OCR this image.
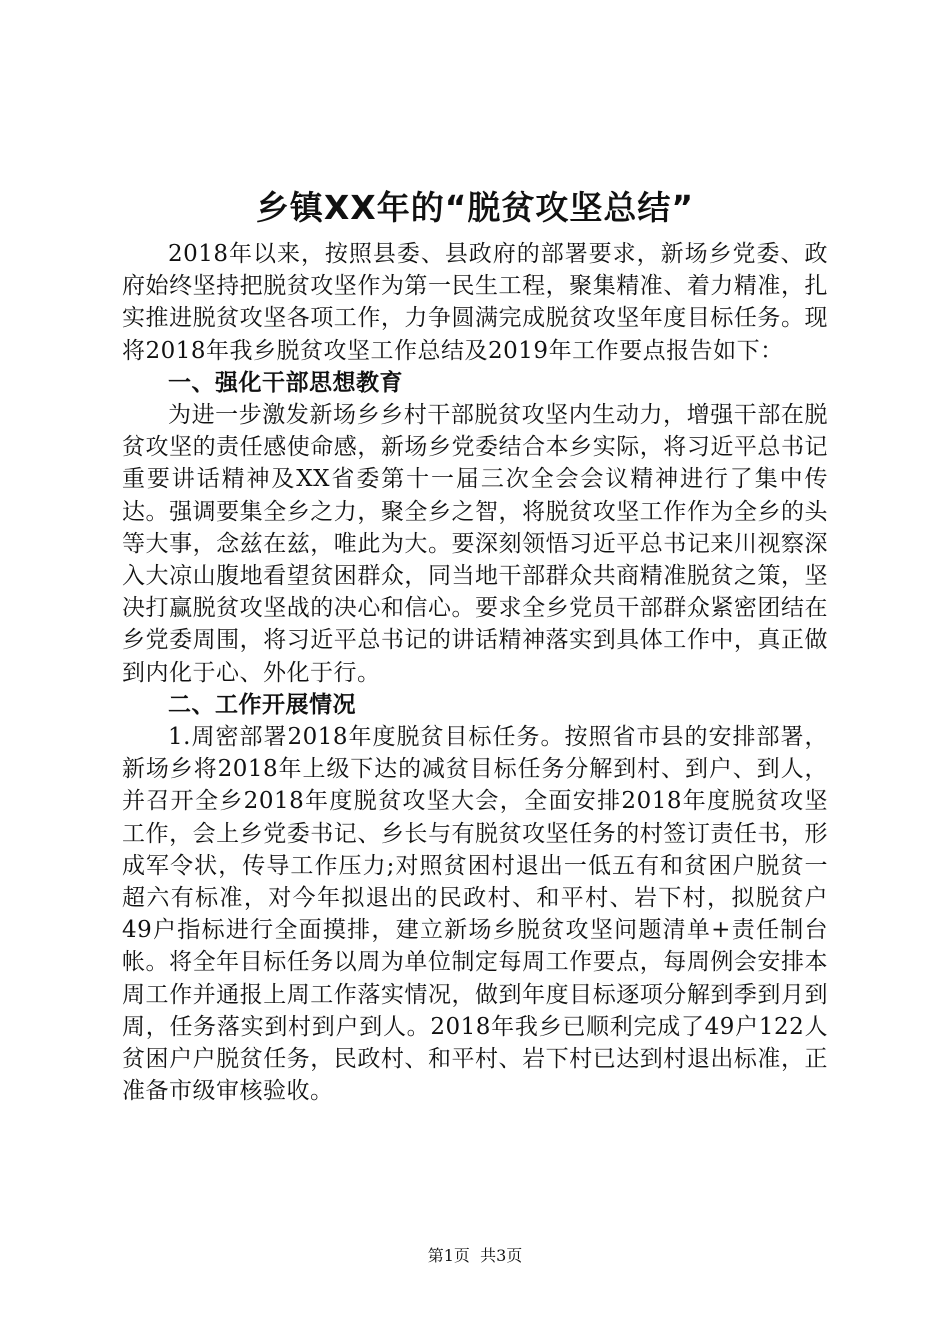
乡镇XX年的“脱贫攻坚总结”

2018年以来，按照县委、县政府的部署要求，新场乡党委、政府始终坚持把脱贫攻坚作为第一民生工程，聚集精准、着力精准，扎实推进脱贫攻坚各项工作，力争圆满完成脱贫攻坚年度目标任务。现将2018年我乡脱贫攻坚工作总结及2019年工作要点报告如下：

一、强化干部思想教育

为进一步激发新场乡乡村干部脱贫攻坚内生动力，增强干部在脱贫攻坚的责任感使命感，新场乡党委结合本乡实际，将习近平总书记重要讲话精神及XX省委第十一届三次全会会议精神进行了集中传达。强调要集全乡之力，聚全乡之智，将脱贫攻坚工作作为全乡的头等大事，念兹在兹，唯此为大。要深刻领悟习近平总书记来川视察深入大凉山腹地看望贫困群众，同当地干部群众共商精准脱贫之策，坚决打赢脱贫攻坚战的决心和信心。要求全乡党员干部群众紧密团结在乡党委周围，将习近平总书记的讲话精神落实到具体工作中，真正做到内化于心、外化于行。

二、工作开展情况

1.周密部署2018年度脱贫目标任务。按照省市县的安排部署，新场乡将2018年上级下达的减贫目标任务分解到村、到户、到人，并召开全乡2018年度脱贫攻坚大会，全面安排2018年度脱贫攻坚工作，会上乡党委书记、乡长与有脱贫攻坚任务的村签订责任书，形成军令状，传导工作压力;对照贫困村退出一低五有和贫困户脱贫一超六有标准，对今年拟退出的民政村、和平村、岩下村，拟脱贫户49户指标进行全面摸排，建立新场乡脱贫攻坚问题清单+责任制台帐。将全年目标任务以周为单位制定每周工作要点，每周例会安排本周工作并通报上周工作落实情况，做到年度目标逐项分解到季到月到周，任务落实到村到户到人。2018年我乡已顺利完成了49户122人贫困户户脱贫任务，民政村、和平村、岩下村已达到村退出标准，正准备市级审核验收。

第1页 共3页
